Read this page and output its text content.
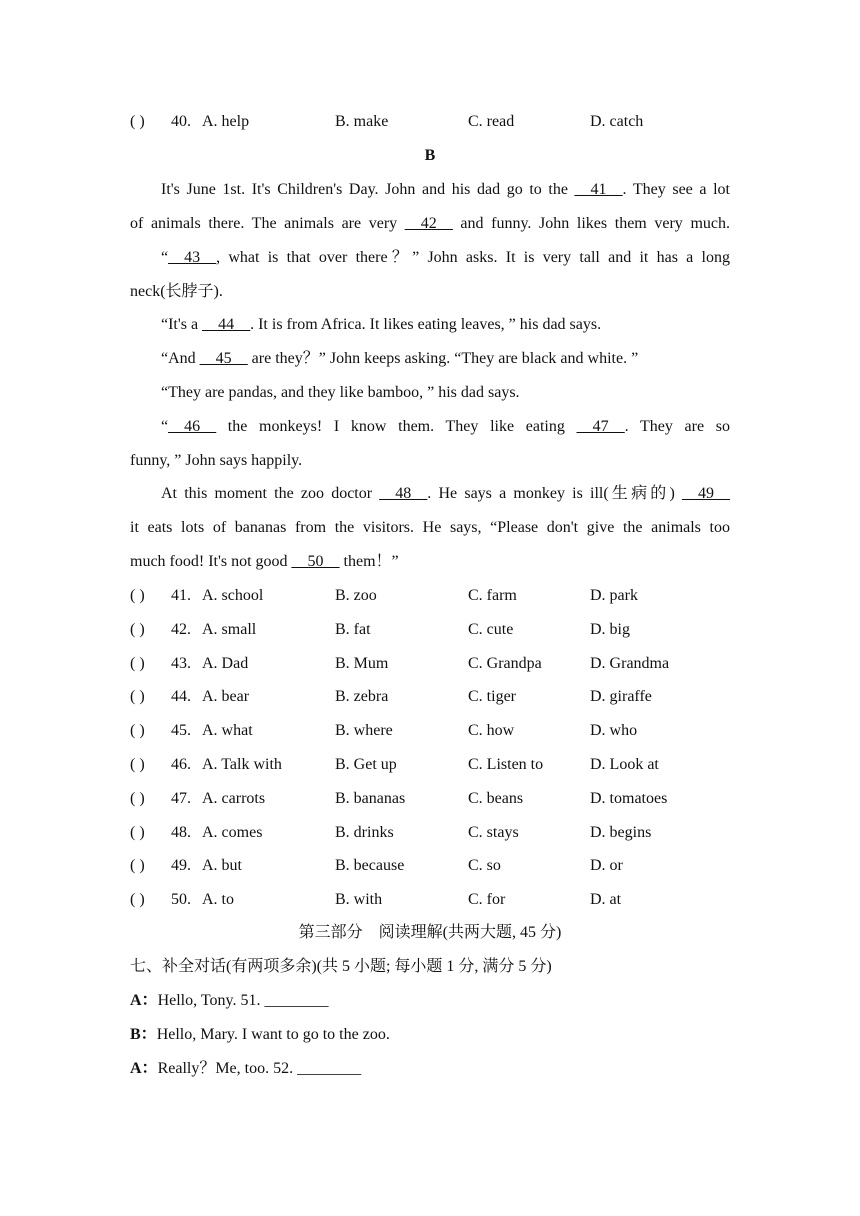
( ) 40. A. help	B. make	C. read	D. catch
B
It's June 1st. It's Children's Day. John and his dad go to the __41__. They see a lot
of animals there. The animals are very __42__ and funny. John likes them very much.
“__43__, what is that over there？” John asks. It is very tall and it has a long
neck(长脖子).
“It's a __44__. It is from Africa. It likes eating leaves, ” his dad says.
“And __45__ are they？” John keeps asking. “They are black and white. ”
“They are pandas, and they like bamboo, ” his dad says.
“__46__ the monkeys! I know them. They like eating __47__. They are so
funny, ” John says happily.
At this moment the zoo doctor __48__. He says a monkey is ill(生病的) __49__
it eats lots of bananas from the visitors. He says, “Please don't give the animals too
much food! It's not good __50__ them！”
( ) 41. A. school	B. zoo	C. farm	D. park
( ) 42. A. small	B. fat	C. cute	D. big
( ) 43. A. Dad	B. Mum	C. Grandpa	D. Grandma
( ) 44. A. bear	B. zebra	C. tiger	D. giraffe
( ) 45. A. what	B. where	C. how	D. who
( ) 46. A. Talk with	B. Get up	C. Listen to	D. Look at
( ) 47. A. carrots	B. bananas	C. beans	D. tomatoes
( ) 48. A. comes	B. drinks	C. stays	D. begins
( ) 49. A. but	B. because	C. so	D. or
( ) 50. A. to	B. with	C. for	D. at
第三部分　阅读理解(共两大题, 45 分)
七、补全对话(有两项多余)(共 5 小题; 每小题 1 分, 满分 5 分)
A：Hello, Tony. 51. ________
B：Hello, Mary. I want to go to the zoo.
A：Really？Me, too. 52. ________
